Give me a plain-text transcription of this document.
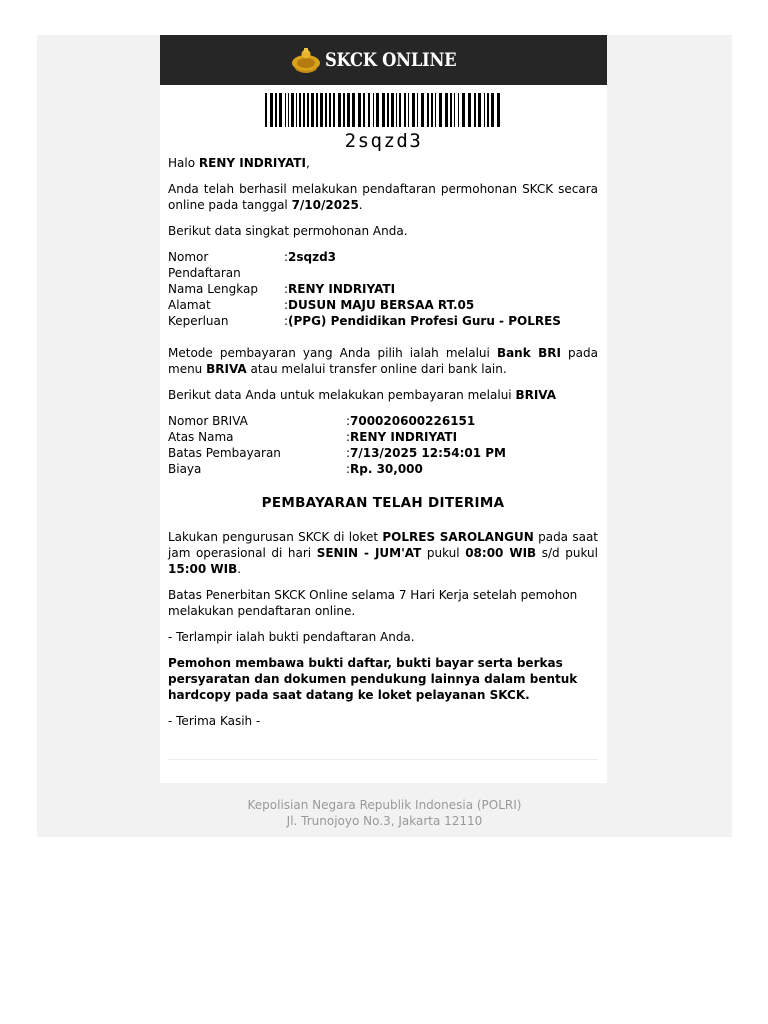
SKCK ONLINE
2sqzd3

Halo RENY INDRIYATI,

Anda telah berhasil melakukan pendaftaran permohonan SKCK secara online pada tanggal 7/10/2025.

Berikut data singkat permohonan Anda.

Nomor Pendaftaran
: 2sqzd3
Nama Lengkap : RENY INDRIYATI
Alamat	: DUSUN MAJU BERSAA RT.05
Keperluan	: (PPG) Pendidikan Profesi Guru - POLRES

Metode pembayaran yang Anda pilih ialah melalui Bank BRI pada menu BRIVA atau melalui transfer online dari bank lain.

Berikut data Anda untuk melakukan pembayaran melalui BRIVA

Nomor BRIVA	: 700020600226151
Atas Nama	: RENY INDRIYATI
Batas Pembayaran	: 7/13/2025 12:54:01 PM
Biaya	: Rp. 30,000

PEMBAYARAN TELAH DITERIMA

Lakukan pengurusan SKCK di loket POLRES SAROLANGUN pada saat jam operasional di hari SENIN - JUM'AT pukul 08:00 WIB s/d pukul 15:00 WIB.

Batas Penerbitan SKCK Online selama 7 Hari Kerja setelah pemohon melakukan pendaftaran online.

- Terlampir ialah bukti pendaftaran Anda.

Pemohon membawa bukti daftar, bukti bayar serta berkas persyaratan dan dokumen pendukung lainnya dalam bentuk hardcopy pada saat datang ke loket pelayanan SKCK.

- Terima Kasih -

Kepolisian Negara Republik Indonesia (POLRI)
Jl. Trunojoyo No.3, Jakarta 12110
